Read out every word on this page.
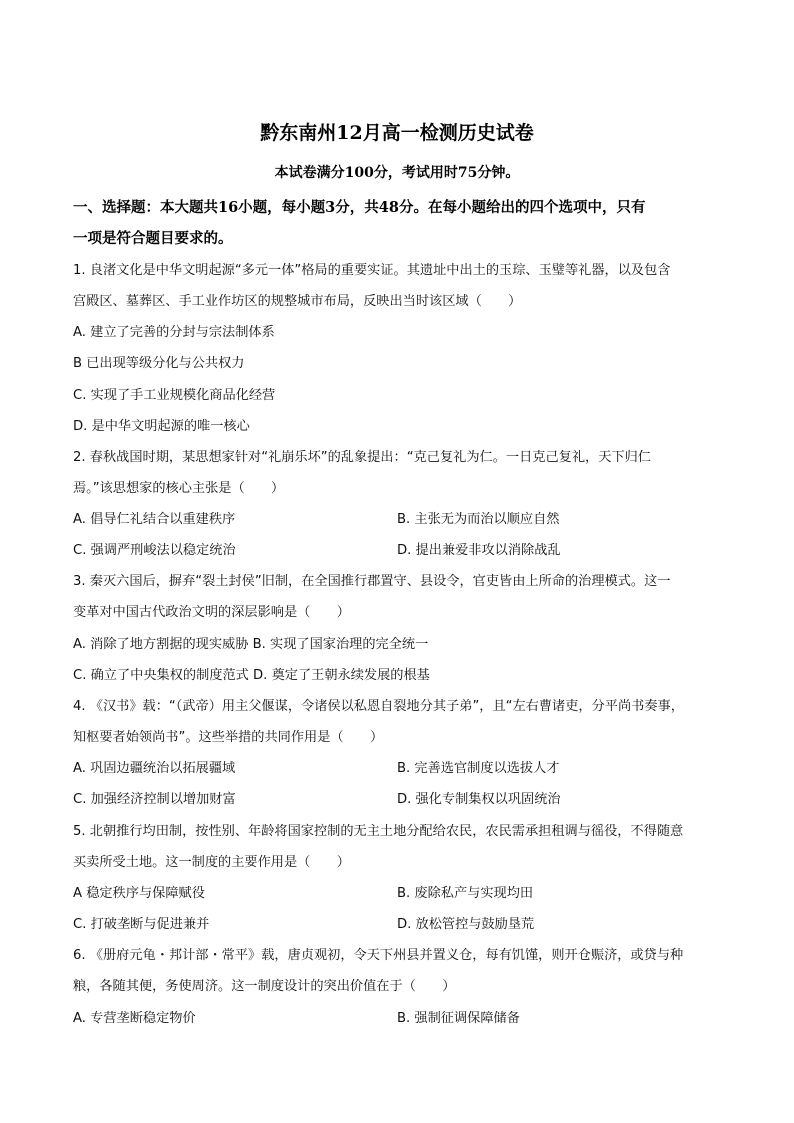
黔东南州12月高一检测历史试卷
本试卷满分100分，考试用时75分钟。
一、选择题：本大题共16小题，每小题3分，共48分。在每小题给出的四个选项中，只有
一项是符合题目要求的。
1. 良渚文化是中华文明起源“多元一体”格局的重要实证。其遗址中出土的玉琮、玉璧等礼器，以及包含
宫殿区、墓葬区、手工业作坊区的规整城市布局，反映出当时该区域（　　）
A. 建立了完善的分封与宗法制体系
B 已出现等级分化与公共权力
C. 实现了手工业规模化商品化经营
D. 是中华文明起源的唯一核心
2. 春秋战国时期，某思想家针对“礼崩乐坏”的乱象提出：“克己复礼为仁。一日克己复礼，天下归仁
焉。”该思想家的核心主张是（　　）
A. 倡导仁礼结合以重建秩序	B. 主张无为而治以顺应自然
C. 强调严刑峻法以稳定统治	D. 提出兼爱非攻以消除战乱
3. 秦灭六国后，摒弃“裂土封侯”旧制，在全国推行郡置守、县设令，官吏皆由上所命的治理模式。这一
变革对中国古代政治文明的深层影响是（　　）
A. 消除了地方割据的现实威胁 B. 实现了国家治理的完全统一
C. 确立了中央集权的制度范式 D. 奠定了王朝永续发展的根基
4. 《汉书》载：“（武帝）用主父偃谋，令诸侯以私恩自裂地分其子弟”，且“左右曹诸吏，分平尚书奏事，
知枢要者始领尚书”。这些举措的共同作用是（　　）
A. 巩固边疆统治以拓展疆域	B. 完善选官制度以选拔人才
C. 加强经济控制以增加财富	D. 强化专制集权以巩固统治
5. 北朝推行均田制，按性别、年龄将国家控制的无主土地分配给农民，农民需承担租调与徭役，不得随意
买卖所受土地。这一制度的主要作用是（　　）
A 稳定秩序与保障赋役	B. 废除私产与实现均田
C. 打破垄断与促进兼并	D. 放松管控与鼓励垦荒
6. 《册府元龟・邦计部・常平》载，唐贞观初，令天下州县并置义仓，每有饥馑，则开仓赈济，或贷与种
粮，各随其便，务使周济。这一制度设计的突出价值在于（　　）
A. 专营垄断稳定物价	B. 强制征调保障储备
